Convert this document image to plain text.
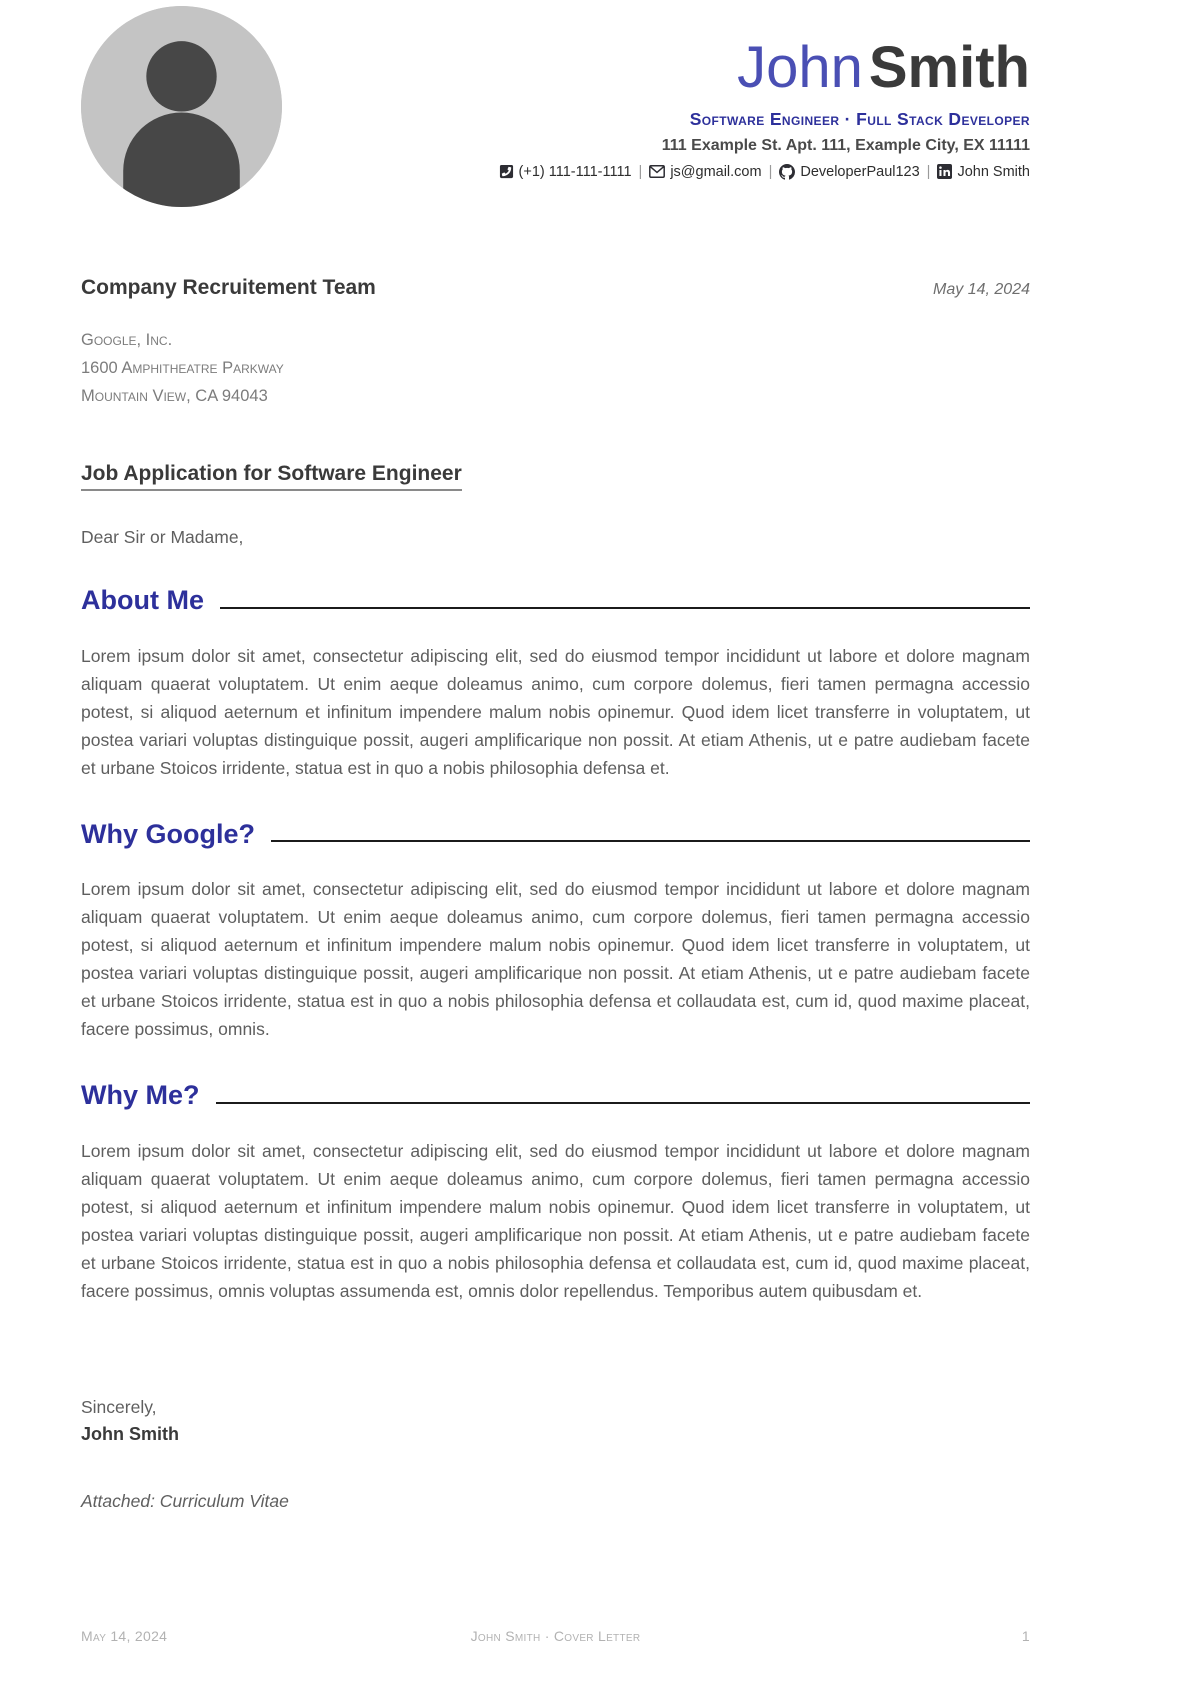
John Smith
Software Engineer · Full Stack Developer
111 Example St. Apt. 111, Example City, EX 11111
(+1) 111-111-1111 | js@gmail.com | DeveloperPaul123 | John Smith
Company Recruitement Team	May 14, 2024
Google, Inc.
1600 Amphitheatre Parkway
Mountain View, CA 94043
Job Application for Software Engineer
Dear Sir or Madame,
About Me

Lorem ipsum dolor sit amet, consectetur adipiscing elit, sed do eiusmod tempor incididunt ut labore et dolore magnam aliquam quaerat voluptatem. Ut enim aeque doleamus animo, cum corpore dolemus, fieri tamen permagna accessio potest, si aliquod aeternum et infinitum impendere malum nobis opinemur. Quod idem licet transferre in voluptatem, ut postea variari voluptas distinguique possit, augeri amplificarique non possit. At etiam Athenis, ut e patre audiebam facete et urbane Stoicos irridente, statua est in quo a nobis philosophia defensa et.

Why Google?

Lorem ipsum dolor sit amet, consectetur adipiscing elit, sed do eiusmod tempor incididunt ut labore et dolore magnam aliquam quaerat voluptatem. Ut enim aeque doleamus animo, cum corpore dolemus, fieri tamen permagna accessio potest, si aliquod aeternum et infinitum impendere malum nobis opinemur. Quod idem licet transferre in voluptatem, ut postea variari voluptas distinguique possit, augeri amplificarique non possit. At etiam Athenis, ut e patre audiebam facete et urbane Stoicos irridente, statua est in quo a nobis philosophia defensa et collaudata est, cum id, quod maxime placeat, facere possimus, omnis.

Why Me?

Lorem ipsum dolor sit amet, consectetur adipiscing elit, sed do eiusmod tempor incididunt ut labore et dolore magnam aliquam quaerat voluptatem. Ut enim aeque doleamus animo, cum corpore dolemus, fieri tamen permagna accessio potest, si aliquod aeternum et infinitum impendere malum nobis opinemur. Quod idem licet transferre in voluptatem, ut postea variari voluptas distinguique possit, augeri amplificarique non possit. At etiam Athenis, ut e patre audiebam facete et urbane Stoicos irridente, statua est in quo a nobis philosophia defensa et collaudata est, cum id, quod maxime placeat, facere possimus, omnis voluptas assumenda est, omnis dolor repellendus. Temporibus autem quibusdam et.

Sincerely,
John Smith
Attached: Curriculum Vitae
May 14, 2024	John Smith · Cover Letter	1
